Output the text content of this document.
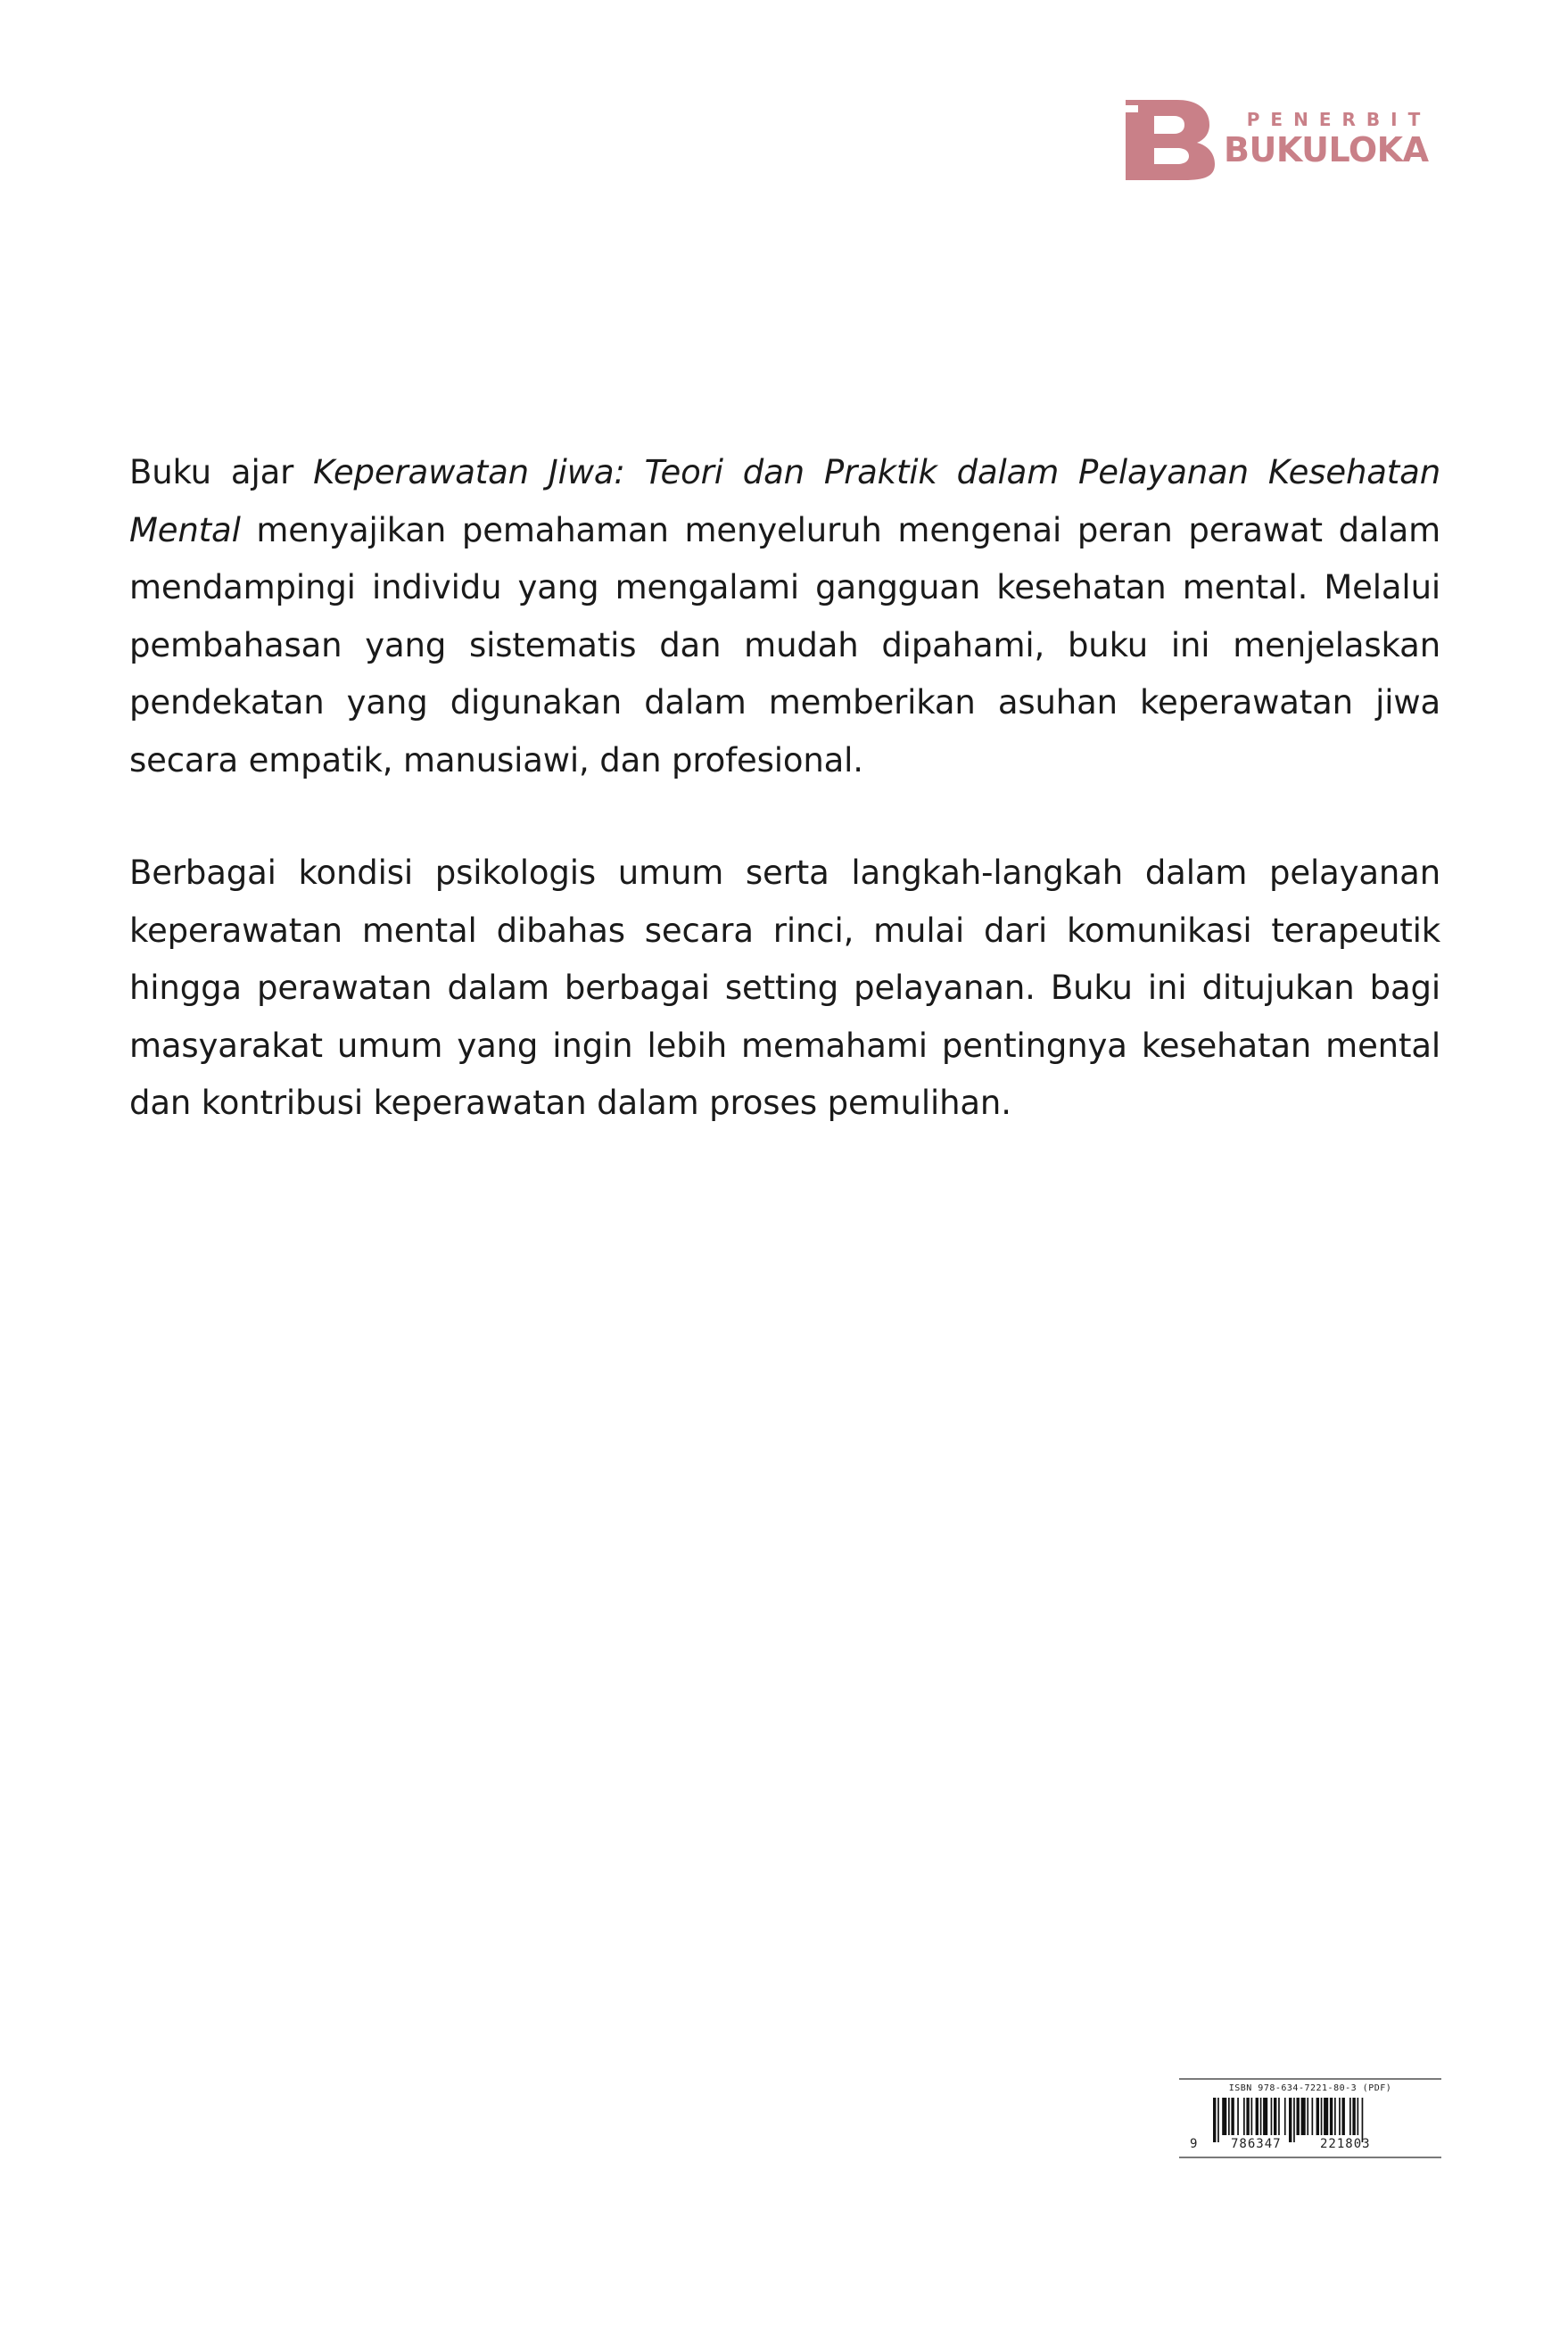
PENERBIT
BUKULOKA

Buku ajar Keperawatan Jiwa: Teori dan Praktik dalam Pelayanan Kesehatan Mental menyajikan pemahaman menyeluruh mengenai peran perawat dalam mendampingi individu yang mengalami gangguan kesehatan mental. Melalui pembahasan yang sistematis dan mudah dipahami, buku ini menjelaskan pendekatan yang digunakan dalam memberikan asuhan keperawatan jiwa secara empatik, manusiawi, dan profesional.

Berbagai kondisi psikologis umum serta langkah-langkah dalam pelayanan keperawatan mental dibahas secara rinci, mulai dari komunikasi terapeutik hingga perawatan dalam berbagai setting pelayanan. Buku ini ditujukan bagi masyarakat umum yang ingin lebih memahami pentingnya kesehatan mental dan kontribusi keperawatan dalam proses pemulihan.

ISBN 978-634-7221-80-3 (PDF)
9	786347	221803
